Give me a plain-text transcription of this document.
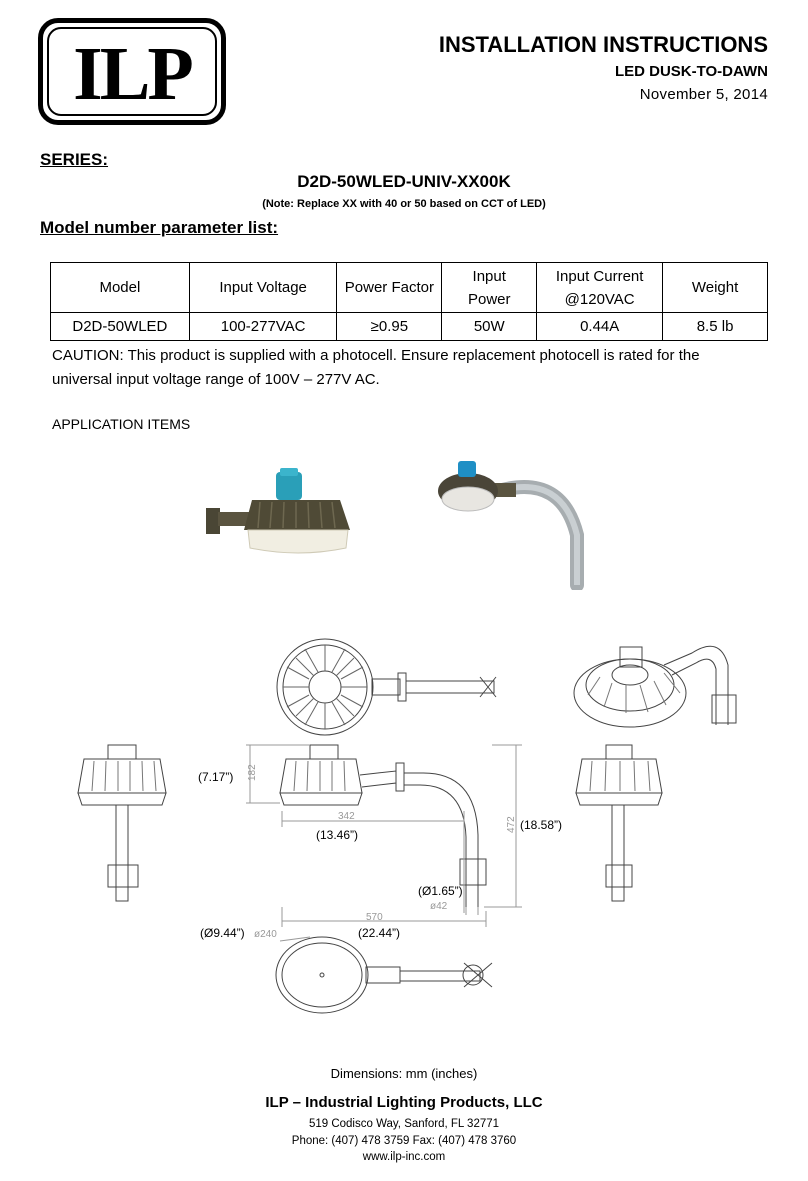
ILP	INSTALLATION INSTRUCTIONS
LED DUSK-TO-DAWN
November 5, 2014
SERIES:
D2D-50WLED-UNIV-XX00K
(Note: Replace XX with 40 or 50 based on CCT of LED)
Model number parameter list:
Model	Input Voltage	Power Factor	Input Power	Input Current @120VAC	Weight
D2D-50WLED	100-277VAC	≥0.95	50W	0.44A	8.5 lb
CAUTION: This product is supplied with a photocell. Ensure replacement photocell is rated for the universal input voltage range of 100V – 277V AC.
APPLICATION ITEMS
(7.17”) 182
342
(13.46”)
472 (18.58”)
(Ø1.65”)
ø42
570
(22.44”)
(Ø9.44”) ø240
Dimensions: mm (inches)
ILP – Industrial Lighting Products, LLC
519 Codisco Way, Sanford, FL 32771
Phone: (407) 478 3759 Fax: (407) 478 3760
www.ilp-inc.com
